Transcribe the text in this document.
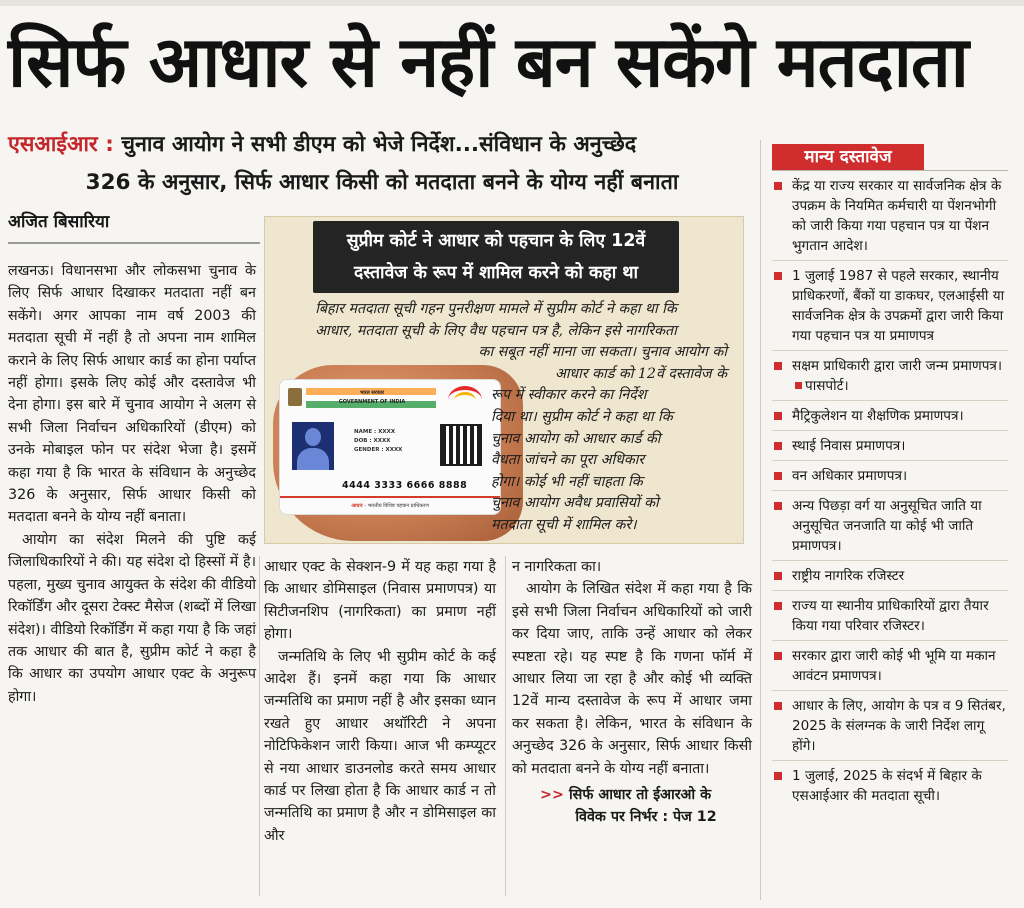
सिर्फ आधार से नहीं बन सकेंगे मतदाता
एसआईआर : चुनाव आयोग ने सभी डीएम को भेजे निर्देश...संविधान के अनुच्छेद
326 के अनुसार, सिर्फ आधार किसी को मतदाता बनने के योग्य नहीं बनाता
अजित बिसारिया

लखनऊ। विधानसभा और लोकसभा चुनाव के लिए सिर्फ आधार दिखाकर मतदाता नहीं बन सकेंगे। अगर आपका नाम वर्ष 2003 की मतदाता सूची में नहीं है तो अपना नाम शामिल कराने के लिए सिर्फ आधार कार्ड का होना पर्याप्त नहीं होगा। इसके लिए कोई और दस्तावेज भी देना होगा। इस बारे में चुनाव आयोग ने अलग से सभी जिला निर्वाचन अधिकारियों (डीएम) को उनके मोबाइल फोन पर संदेश भेजा है। इसमें कहा गया है कि भारत के संविधान के अनुच्छेद 326 के अनुसार, सिर्फ आधार किसी को मतदाता बनने के योग्य नहीं बनाता।

आयोग का संदेश मिलने की पुष्टि कई जिलाधिकारियों ने की। यह संदेश दो हिस्सों में है। पहला, मुख्य चुनाव आयुक्त के संदेश की वीडियो रिकॉर्डिंग और दूसरा टेक्स्ट मैसेज (शब्दों में लिखा संदेश)। वीडियो रिकॉर्डिंग में कहा गया है कि जहां तक आधार की बात है, सुप्रीम कोर्ट ने कहा है कि आधार का उपयोग आधार एक्ट के अनुरूप होगा।

भारत सरकार
GOVERNMENT OF INDIA
NAME : XXXX
DOB : XXXX
GENDER : XXXX
4444 3333 6666 8888
आधार - भारतीय विशिष्ट पहचान प्राधिकरण
सुप्रीम कोर्ट ने आधार को पहचान के लिए 12वें
दस्तावेज के रूप में शामिल करने को कहा था
बिहार मतदाता सूची गहन पुनरीक्षण मामले में सुप्रीम कोर्ट ने कहा था कि
आधार, मतदाता सूची के लिए वैध पहचान पत्र है, लेकिन इसे नागरिकता
का सबूत नहीं माना जा सकता। चुनाव आयोग को
आधार कार्ड को 12वें दस्तावेज के
रूप में स्वीकार करने का निर्देश
दिया था। सुप्रीम कोर्ट ने कहा था कि
चुनाव आयोग को आधार कार्ड की
वैधता जांचने का पूरा अधिकार
होगा। कोई भी नहीं चाहता कि
चुनाव आयोग अवैध प्रवासियों को
मतदाता सूची में शामिल करे।

आधार एक्ट के सेक्शन-9 में यह कहा गया है कि आधार डोमिसाइल (निवास प्रमाणपत्र) या सिटीजनशिप (नागरिकता) का प्रमाण नहीं होगा।

जन्मतिथि के लिए भी सुप्रीम कोर्ट के कई आदेश हैं। इनमें कहा गया कि आधार जन्मतिथि का प्रमाण नहीं है और इसका ध्यान रखते हुए आधार अथॉरिटी ने अपना नोटिफिकेशन जारी किया। आज भी कम्प्यूटर से नया आधार डाउनलोड करते समय आधार कार्ड पर लिखा होता है कि आधार कार्ड न तो जन्मतिथि का प्रमाण है और न डोमिसाइल का और

न नागरिकता का।

आयोग के लिखित संदेश में कहा गया है कि इसे सभी जिला निर्वाचन अधिकारियों को जारी कर दिया जाए, ताकि उन्हें आधार को लेकर स्पष्टता रहे। यह स्पष्ट है कि गणना फॉर्म में आधार लिया जा रहा है और कोई भी व्यक्ति 12वें मान्य दस्तावेज के रूप में आधार जमा कर सकता है। लेकिन, भारत के संविधान के अनुच्छेद 326 के अनुसार, सिर्फ आधार किसी को मतदाता बनने के योग्य नहीं बनाता।

>> सिर्फ आधार तो ईआरओ के
विवेक पर निर्भर : पेज 12

मान्य दस्तावेज
केंद्र या राज्य सरकार या सार्वजनिक क्षेत्र के उपक्रम के नियमित कर्मचारी या पेंशनभोगी को जारी किया गया पहचान पत्र या पेंशन भुगतान आदेश।
1 जुलाई 1987 से पहले सरकार, स्थानीय प्राधिकरणों, बैंकों या डाकघर, एलआईसी या सार्वजनिक क्षेत्र के उपक्रमों द्वारा जारी किया गया पहचान पत्र या प्रमाणपत्र
सक्षम प्राधिकारी द्वारा जारी जन्म प्रमाणपत्र।पासपोर्ट।
मैट्रिकुलेशन या शैक्षणिक प्रमाणपत्र।
स्थाई निवास प्रमाणपत्र।
वन अधिकार प्रमाणपत्र।
अन्य पिछड़ा वर्ग या अनुसूचित जाति या अनुसूचित जनजाति या कोई भी जाति प्रमाणपत्र।
राष्ट्रीय नागरिक रजिस्टर
राज्य या स्थानीय प्राधिकारियों द्वारा तैयार किया गया परिवार रजिस्टर।
सरकार द्वारा जारी कोई भी भूमि या मकान आवंटन प्रमाणपत्र।
आधार के लिए, आयोग के पत्र व 9 सितंबर, 2025 के संलग्नक के जारी निर्देश लागू होंगे।
1 जुलाई, 2025 के संदर्भ में बिहार के एसआईआर की मतदाता सूची।
